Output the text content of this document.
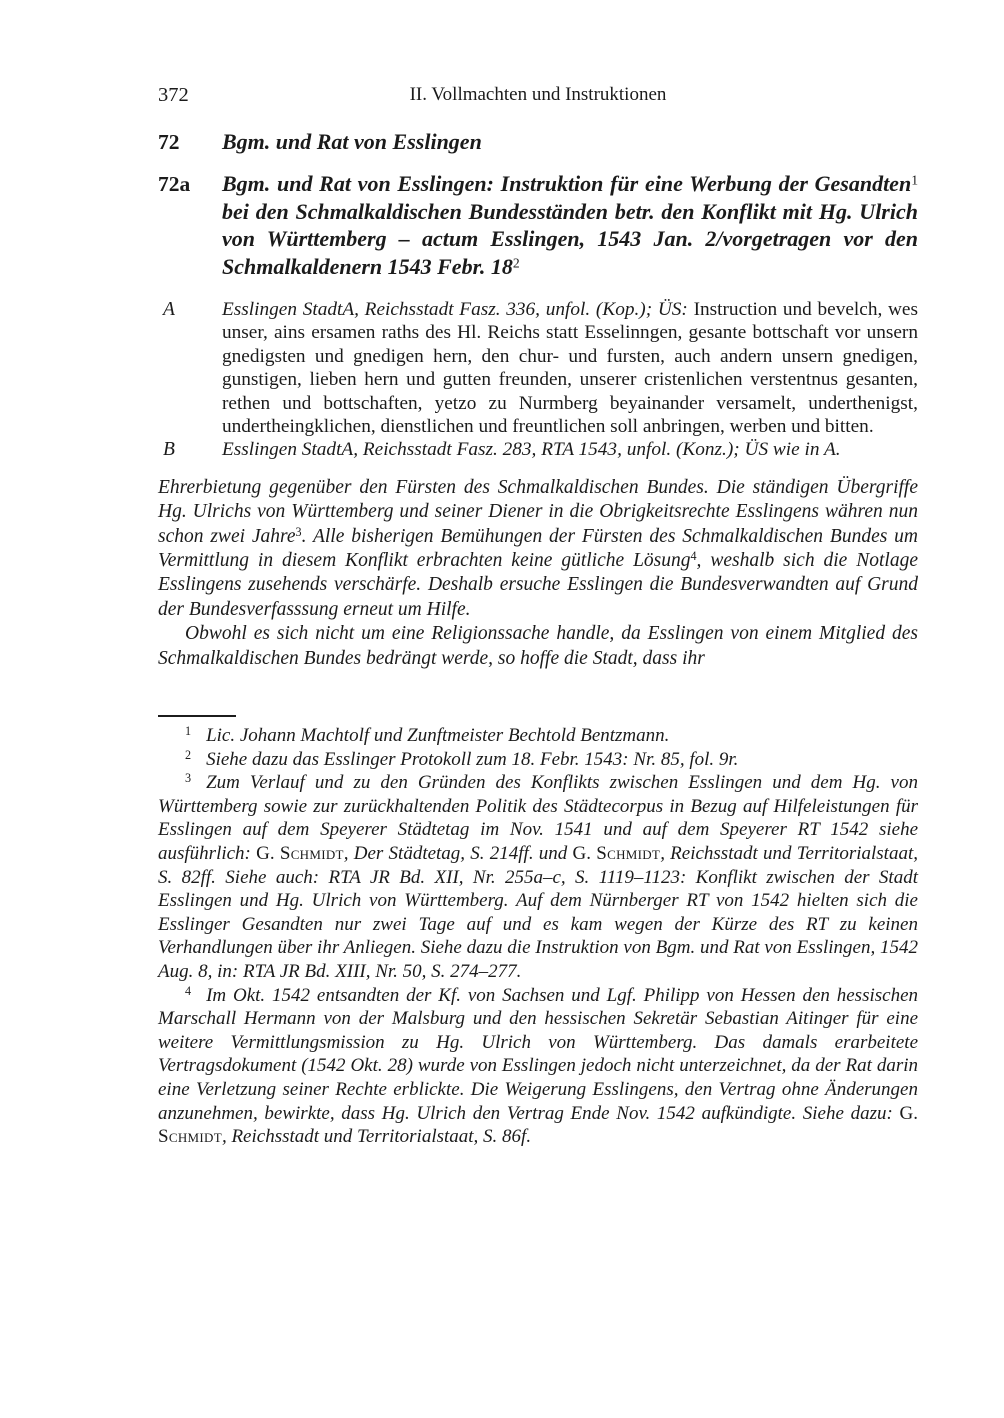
372	II. Vollmachten und Instruktionen
72	Bgm. und Rat von Esslingen
72a	Bgm. und Rat von Esslingen: Instruktion für eine Werbung der Gesandten$^1$ bei den Schmalkaldischen Bundesständen betr. den Konflikt mit Hg. Ulrich von Württemberg – actum Esslingen, 1543 Jan. 2/vorgetragen vor den Schmalkaldenern 1543 Febr. $18^2$
A	Esslingen StadtA, Reichsstadt Fasz. 336, unfol. (Kop.); ÜS: Instruction und bevelch, wes unser, ains ersamen raths des Hl. Reichs statt Esselinngen, gesante bottschaft vor unsern gnedigsten und gnedigen hern, den chur- und fursten, auch andern unsern gnedigen, gunstigen, lieben hern und gutten freunden, unserer cristenlichen verstentnus gesanten, rethen und bottschaften, yetzo zu Nurmberg beyainander versamelt, underthenigst, undertheingklichen, dienstlichen und freuntlichen soll anbringen, werben und bitten.

B	Esslingen StadtA, Reichsstadt Fasz. 283, RTA 1543, unfol. (Konz.); ÜS wie in A.

Ehrerbietung gegenüber den Fürsten des Schmalkaldischen Bundes. Die ständigen Übergriffe Hg. Ulrichs von Württemberg und seiner Diener in die Obrigkeitsrechte Esslingens währen nun schon zwei Jahre$^3$. Alle bisherigen Bemühungen der Fürsten des Schmalkaldischen Bundes um Vermittlung in diesem Konflikt erbrachten keine gütliche Lösung$^4$, weshalb sich die Notlage Esslingens zusehends verschärfe. Deshalb ersuche Esslingen die Bundesverwandten auf Grund der Bundesverfasssung erneut um Hilfe.

Obwohl es sich nicht um eine Religionssache handle, da Esslingen von einem Mitglied des Schmalkaldischen Bundes bedrängt werde, so hoffe die Stadt, dass ihr

$^1$ Lic. Johann Machtolf und Zunftmeister Bechtold Bentzmann.

$^2$ Siehe dazu das Esslinger Protokoll zum 18. Febr. 1543: Nr. 85, fol. 9r.

$^3$ Zum Verlauf und zu den Gründen des Konflikts zwischen Esslingen und dem Hg. von Württemberg sowie zur zurückhaltenden Politik des Städtecorpus in Bezug auf Hilfeleistungen für Esslingen auf dem Speyerer Städtetag im Nov. 1541 und auf dem Speyerer RT 1542 siehe ausführlich: G. Schmidt, Der Städtetag, S. 214ff. und G. Schmidt, Reichsstadt und Territorialstaat, S. 82ff. Siehe auch: RTA JR Bd. XII, Nr. 255a–c, S. 1119–1123: Konflikt zwischen der Stadt Esslingen und Hg. Ulrich von Württemberg. Auf dem Nürnberger RT von 1542 hielten sich die Esslinger Gesandten nur zwei Tage auf und es kam wegen der Kürze des RT zu keinen Verhandlungen über ihr Anliegen. Siehe dazu die Instruktion von Bgm. und Rat von Esslingen, 1542 Aug. 8, in: RTA JR Bd. XIII, Nr. 50, S. 274–277.

$^4$ Im Okt. 1542 entsandten der Kf. von Sachsen und Lgf. Philipp von Hessen den hessischen Marschall Hermann von der Malsburg und den hessischen Sekretär Sebastian Aitinger für eine weitere Vermittlungsmission zu Hg. Ulrich von Württemberg. Das damals erarbeitete Vertragsdokument (1542 Okt. 28) wurde von Esslingen jedoch nicht unterzeichnet, da der Rat darin eine Verletzung seiner Rechte erblickte. Die Weigerung Esslingens, den Vertrag ohne Änderungen anzunehmen, bewirkte, dass Hg. Ulrich den Vertrag Ende Nov. 1542 aufkündigte. Siehe dazu: G. Schmidt, Reichsstadt und Territorialstaat, S. 86f.
